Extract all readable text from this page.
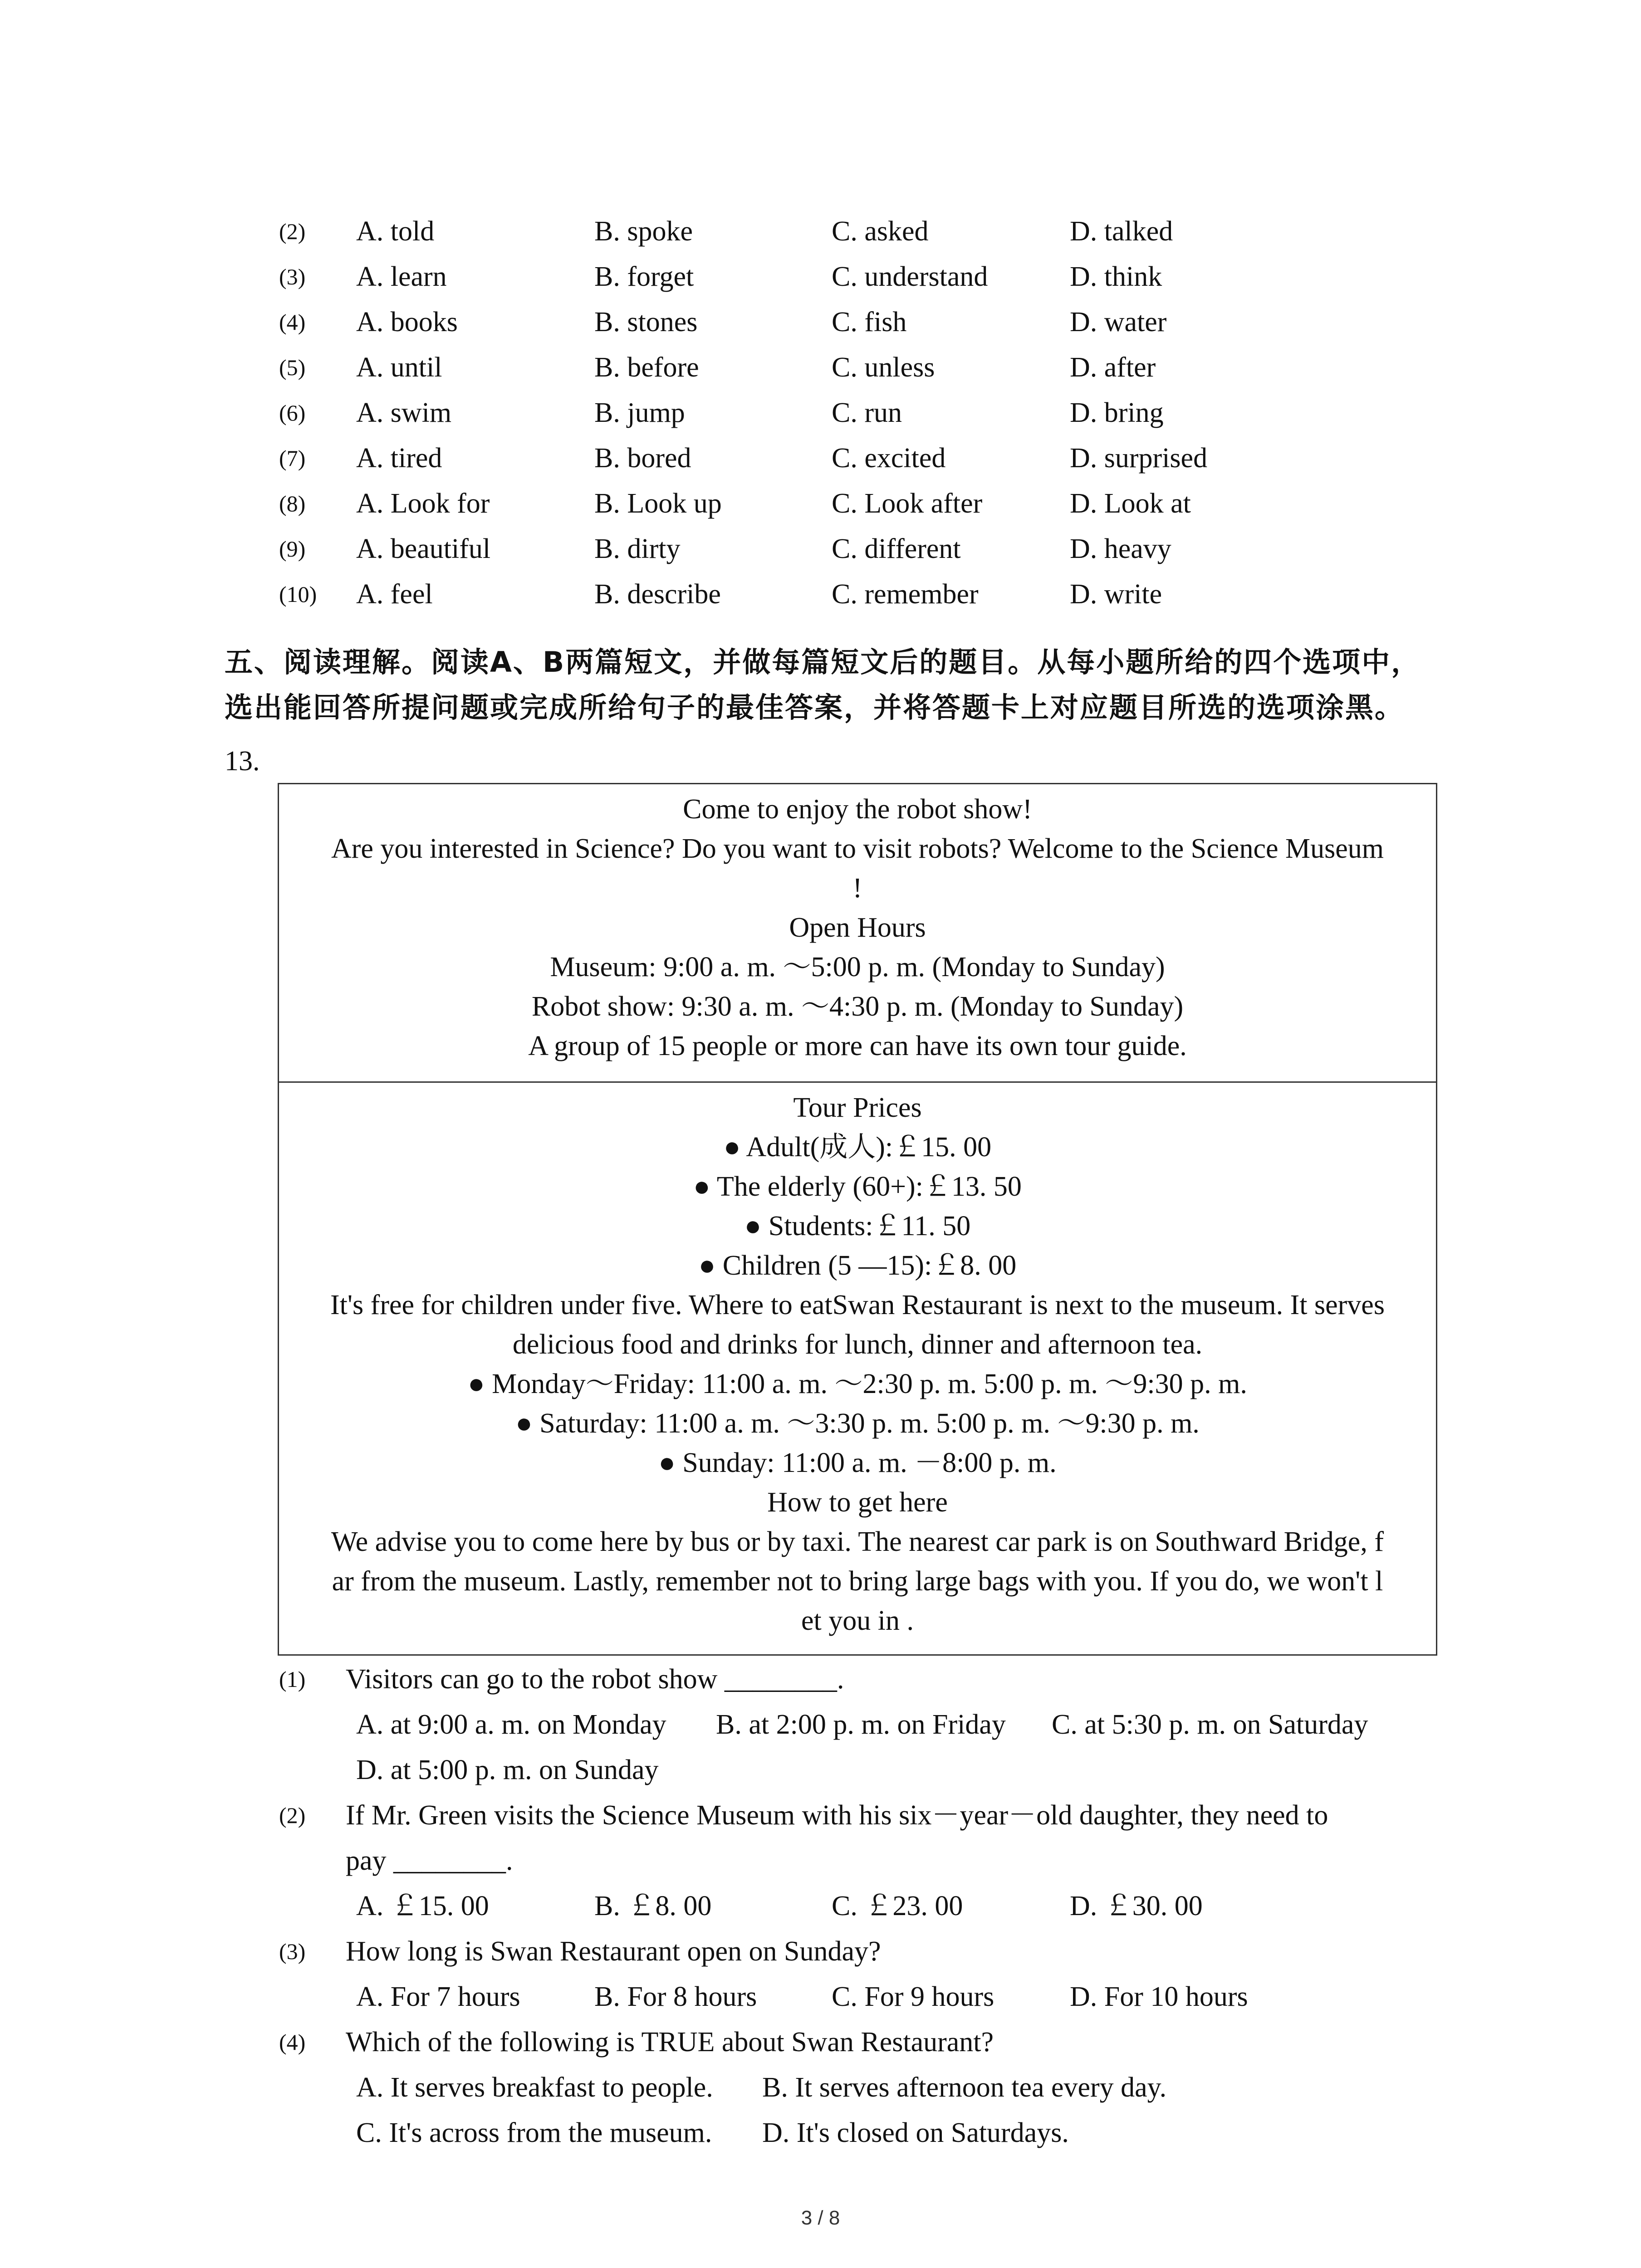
(2) A. told	B. spoke	C. asked	D. talked
(3) A. learn	B. forget	C. understand	D. think
(4) A. books	B. stones	C. fish	D. water
(5) A. until	B. before	C. unless	D. after
(6) A. swim	B. jump	C. run	D. bring
(7) A. tired	B. bored	C. excited	D. surprised
(8) A. Look for	B. Look up	C. Look after	D. Look at
(9) A. beautiful	B. dirty	C. different	D. heavy
(10) A. feel	B. describe	C. remember	D. write
五、阅读理解。阅读A、B两篇短文，并做每篇短文后的题目。从每小题所给的四个选项中，
选出能回答所提问题或完成所给句子的最佳答案，并将答题卡上对应题目所选的选项涂黑。
13.
Come to enjoy the robot show!
Are you interested in Science? Do you want to visit robots? Welcome to the Science Museum
!
Open Hours
Museum: 9:00 a. m. ～5:00 p. m. (Monday to Sunday)
Robot show: 9:30 a. m. ～4:30 p. m. (Monday to Sunday)
A group of 15 people or more can have its own tour guide.
Tour Prices
● Adult(成人):￡15. 00
● The elderly (60+):￡13. 50
● Students:￡11. 50
● Children (5 —15):￡8. 00
It's free for children under five. Where to eatSwan Restaurant is next to the museum. It serves
delicious food and drinks for lunch, dinner and afternoon tea.
● Monday～Friday: 11:00 a. m. ～2:30 p. m. 5:00 p. m. ～9:30 p. m.
● Saturday: 11:00 a. m. ～3:30 p. m. 5:00 p. m. ～9:30 p. m.
● Sunday: 11:00 a. m. －8:00 p. m.
How to get here
We advise you to come here by bus or by taxi. The nearest car park is on Southward Bridge, f
ar from the museum. Lastly, remember not to bring large bags with you. If you do, we won't l
et you in .
(1) Visitors can go to the robot show ________.
A. at 9:00 a. m. on Monday B. at 2:00 p. m. on Friday C. at 5:30 p. m. on Saturday
D. at 5:00 p. m. on Sunday
(2) If Mr. Green visits the Science Museum with his six－year－old daughter, they need to
pay ________.
A. ￡15. 00	B. ￡8. 00	C. ￡23. 00	D. ￡30. 00
(3) How long is Swan Restaurant open on Sunday?
A. For 7 hours	B. For 8 hours	C. For 9 hours	D. For 10 hours
(4) Which of the following is TRUE about Swan Restaurant?
A. It serves breakfast to people. B. It serves afternoon tea every day.
C. It's across from the museum. D. It's closed on Saturdays.
3 / 8
